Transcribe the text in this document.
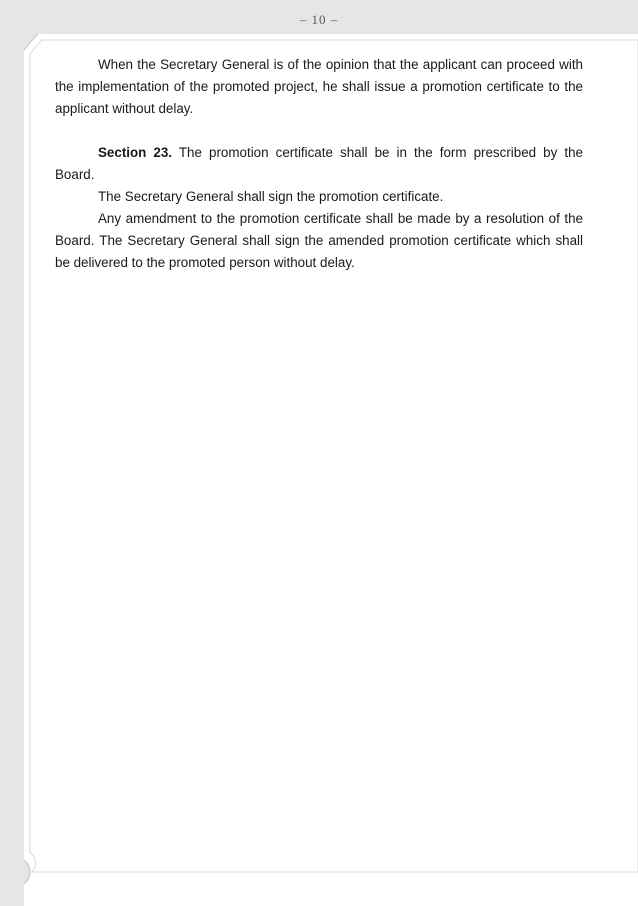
– 10 –

When the Secretary General is of the opinion that the applicant can proceed with the implementation of the promoted project, he shall issue a promotion certificate to the applicant without delay.

Section 23. The promotion certificate shall be in the form prescribed by the Board.

The Secretary General shall sign the promotion certificate.

Any amendment to the promotion certificate shall be made by a resolution of the Board. The Secretary General shall sign the amended promotion certificate which shall be delivered to the promoted person without delay.
